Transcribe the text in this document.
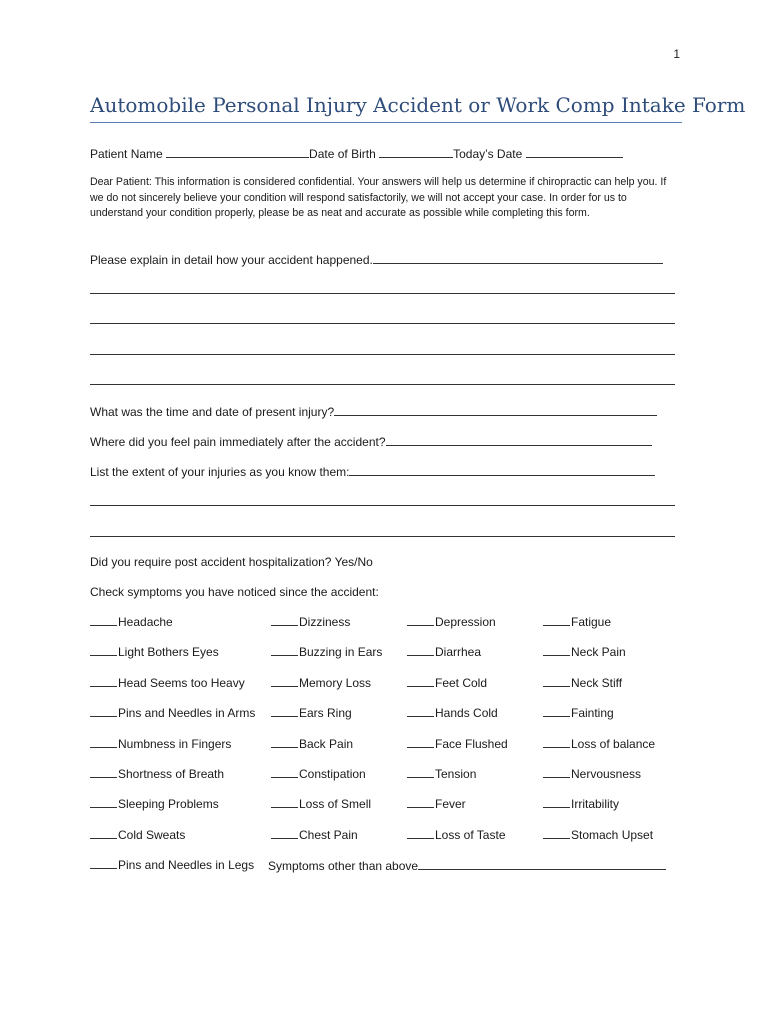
1
Automobile Personal Injury Accident or Work Comp Intake Form
Patient Name	Date of Birth	Today’s Date
Dear Patient: This information is considered confidential. Your answers will help us determine if chiropractic can help you. If we do not sincerely believe your condition will respond satisfactorily, we will not accept your case. In order for us to understand your condition properly, please be as neat and accurate as possible while completing this form.
Please explain in detail how your accident happened.
What was the time and date of present injury?
Where did you feel pain immediately after the accident?
List the extent of your injuries as you know them:
Did you require post accident hospitalization? Yes/No
Check symptoms you have noticed since the accident:
Headache	Dizziness	Depression	Fatigue
Light Bothers Eyes	Buzzing in Ears	Diarrhea	Neck Pain
Head Seems too Heavy	Memory Loss	Feet Cold	Neck Stiff
Pins and Needles in Arms	Ears Ring	Hands Cold	Fainting
Numbness in Fingers	Back Pain	Face Flushed	Loss of balance
Shortness of Breath	Constipation	Tension	Nervousness
Sleeping Problems	Loss of Smell	Fever	Irritability
Cold Sweats	Chest Pain	Loss of Taste	Stomach Upset
Pins and Needles in Legs Symptoms other than above
